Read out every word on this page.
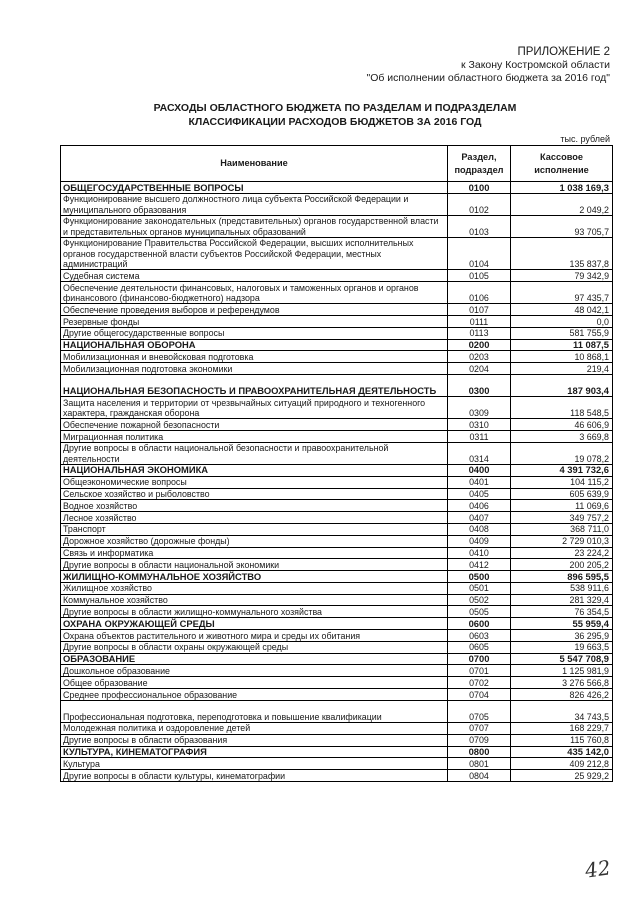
ПРИЛОЖЕНИЕ 2
к Закону Костромской области
"Об исполнении областного бюджета за 2016 год"
РАСХОДЫ ОБЛАСТНОГО БЮДЖЕТА ПО РАЗДЕЛАМ И ПОДРАЗДЕЛАМ
КЛАССИФИКАЦИИ РАСХОДОВ БЮДЖЕТОВ ЗА 2016 ГОД
тыс. рублей
Наименование	Раздел, подраздел	Кассовое исполнение
ОБЩЕГОСУДАРСТВЕННЫЕ ВОПРОСЫ	0100	1 038 169,3
Функционирование высшего должностного лица субъекта Российской Федерации и муниципального образования	0102	2 049,2
Функционирование законодательных (представительных) органов государственной власти и представительных органов муниципальных образований	0103	93 705,7
Функционирование Правительства Российской Федерации, высших исполнительных органов государственной власти субъектов Российской Федерации, местных администраций	0104	135 837,8
Судебная система	0105	79 342,9
Обеспечение деятельности финансовых, налоговых и таможенных органов и органов финансового (финансово-бюджетного) надзора	0106	97 435,7
Обеспечение проведения выборов и референдумов	0107	48 042,1
Резервные фонды	0111	0,0
Другие общегосударственные вопросы	0113	581 755,9
НАЦИОНАЛЬНАЯ ОБОРОНА	0200	11 087,5
Мобилизационная и вневойсковая подготовка	0203	10 868,1
Мобилизационная подготовка экономики	0204	219,4
НАЦИОНАЛЬНАЯ БЕЗОПАСНОСТЬ И ПРАВООХРАНИТЕЛЬНАЯ ДЕЯТЕЛЬНОСТЬ	0300	187 903,4
Защита населения и территории от чрезвычайных ситуаций природного и техногенного характера, гражданская оборона	0309	118 548,5
Обеспечение пожарной безопасности	0310	46 606,9
Миграционная политика	0311	3 669,8
Другие вопросы в области национальной безопасности и правоохранительной деятельности	0314	19 078,2
НАЦИОНАЛЬНАЯ ЭКОНОМИКА	0400	4 391 732,6
Общеэкономические вопросы	0401	104 115,2
Сельское хозяйство и рыболовство	0405	605 639,9
Водное хозяйство	0406	11 069,6
Лесное хозяйство	0407	349 757,2
Транспорт	0408	368 711,0
Дорожное хозяйство (дорожные фонды)	0409	2 729 010,3
Связь и информатика	0410	23 224,2
Другие вопросы в области национальной экономики	0412	200 205,2
ЖИЛИЩНО-КОММУНАЛЬНОЕ ХОЗЯЙСТВО	0500	896 595,5
Жилищное хозяйство	0501	538 911,6
Коммунальное хозяйство	0502	281 329,4
Другие вопросы в области жилищно-коммунального хозяйства	0505	76 354,5
ОХРАНА ОКРУЖАЮЩЕЙ СРЕДЫ	0600	55 959,4
Охрана объектов растительного и животного мира и среды их обитания	0603	36 295,9
Другие вопросы в области охраны окружающей среды	0605	19 663,5
ОБРАЗОВАНИЕ	0700	5 547 708,9
Дошкольное образование	0701	1 125 981,9
Общее образование	0702	3 276 566,8
Среднее профессиональное образование	0704	826 426,2
Профессиональная подготовка, переподготовка и повышение квалификации	0705	34 743,5
Молодежная политика и оздоровление детей	0707	168 229,7
Другие вопросы в области образования	0709	115 760,8
КУЛЬТУРА, КИНЕМАТОГРАФИЯ	0800	435 142,0
Культура	0801	409 212,8
Другие вопросы в области культуры, кинематографии	0804	25 929,2
42
